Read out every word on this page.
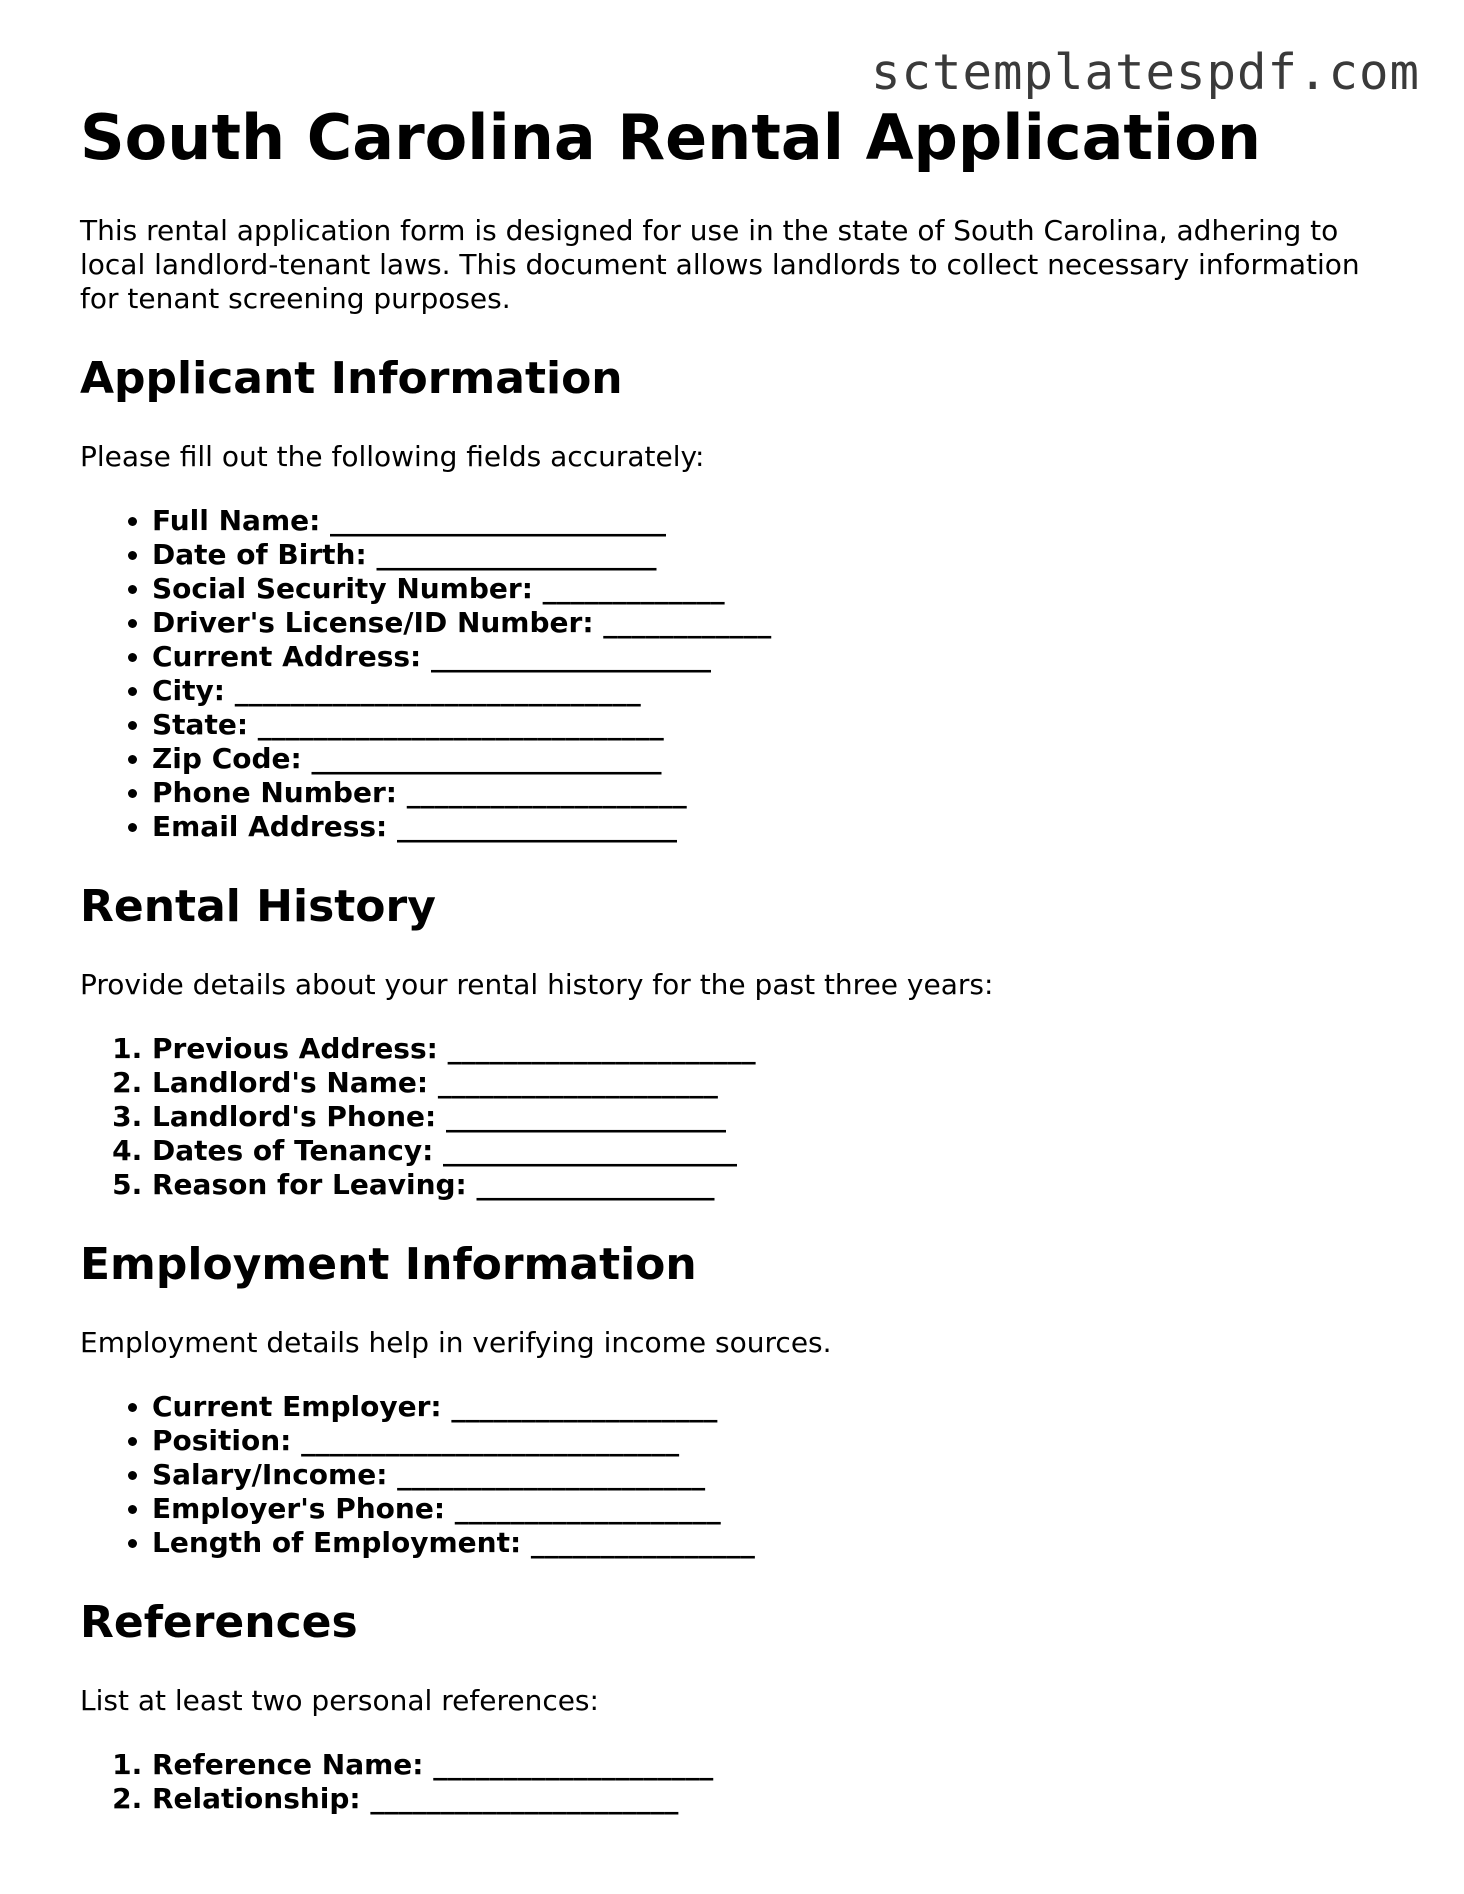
sctemplatespdf.com
South Carolina Rental Application

This rental application form is designed for use in the state of South Carolina, adhering to local landlord-tenant laws. This document allows landlords to collect necessary information for tenant screening purposes.

Applicant Information

Please fill out the following fields accurately:

• Full Name: ________________________
• Date of Birth: ____________________
• Social Security Number: _____________
• Driver's License/ID Number: ____________
• Current Address: ____________________
• City: _____________________________
• State: _____________________________
• Zip Code: _________________________
• Phone Number: ____________________
• Email Address: ____________________
Rental History

Provide details about your rental history for the past three years:

1. Previous Address: ______________________
2. Landlord's Name: ____________________
3. Landlord's Phone: ____________________
4. Dates of Tenancy: _____________________
5. Reason for Leaving: _________________
Employment Information

Employment details help in verifying income sources.

• Current Employer: ___________________
• Position: ___________________________
• Salary/Income: ______________________
• Employer's Phone: ___________________
• Length of Employment: ________________
References

List at least two personal references:

1. Reference Name: ____________________
2. Relationship: ______________________
